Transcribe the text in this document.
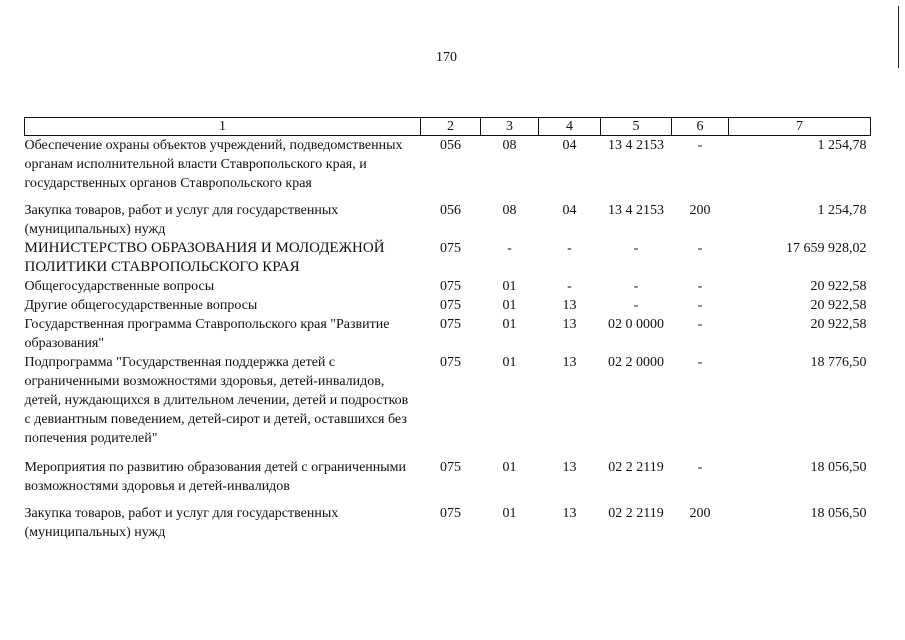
170
1	2	3	4	5	6	7
Обеспечение охраны объектов учреждений, подведомственных органам исполнительной власти Ставропольского края, и государственных органов Ставропольского края	056	08	04	13 4 2153	-	1 254,78
Закупка товаров, работ и услуг для государственных (муниципальных) нужд	056	08	04	13 4 2153	200	1 254,78
МИНИСТЕРСТВО ОБРАЗОВАНИЯ И МОЛОДЕЖНОЙ ПОЛИТИКИ СТАВРОПОЛЬСКОГО КРАЯ	075	-	-	-	-	17 659 928,02
Общегосударственные вопросы	075	01	-	-	-	20 922,58
Другие общегосударственные вопросы	075	01	13	-	-	20 922,58
Государственная программа Ставропольского края "Развитие образования"	075	01	13	02 0 0000	-	20 922,58
Подпрограмма "Государственная поддержка детей с ограниченными возможностями здоровья, детей-инвалидов, детей, нуждающихся в длительном лечении, детей и подростков с девиантным поведением, детей-сирот и детей, оставшихся без попечения родителей"	075	01	13	02 2 0000	-	18 776,50
Мероприятия по развитию образования детей с ограниченными возможностями здоровья и детей-инвалидов	075	01	13	02 2 2119	-	18 056,50
Закупка товаров, работ и услуг для государственных (муниципальных) нужд	075	01	13	02 2 2119	200	18 056,50
